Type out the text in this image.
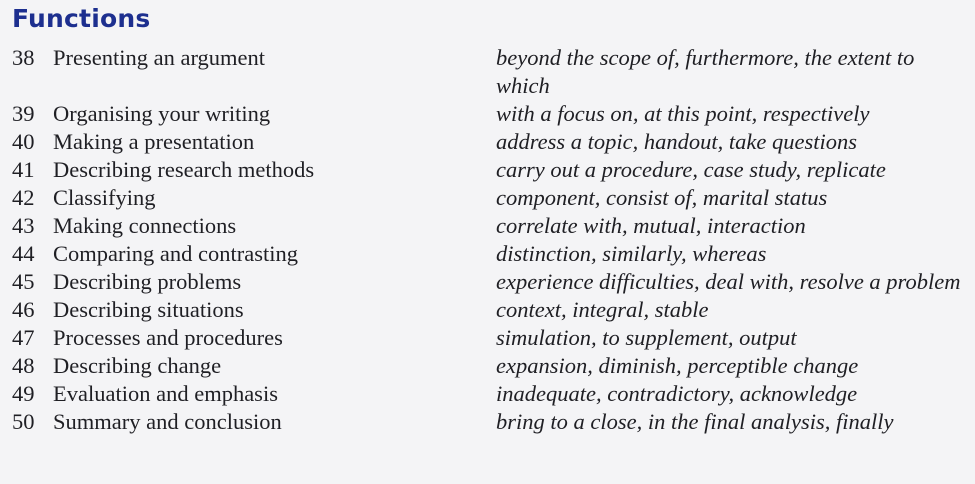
Functions
38 Presenting an argument	beyond the scope of, furthermore, the extent to which
39 Organising your writing	with a focus on, at this point, respectively
40 Making a presentation	address a topic, handout, take questions
41 Describing research methods	carry out a procedure, case study, replicate
42 Classifying	component, consist of, marital status
43 Making connections	correlate with, mutual, interaction
44 Comparing and contrasting	distinction, similarly, whereas
45 Describing problems	experience difficulties, deal with, resolve a problem
46 Describing situations	context, integral, stable
47 Processes and procedures	simulation, to supplement, output
48 Describing change	expansion, diminish, perceptible change
49 Evaluation and emphasis	inadequate, contradictory, acknowledge
50 Summary and conclusion	bring to a close, in the final analysis, finally
